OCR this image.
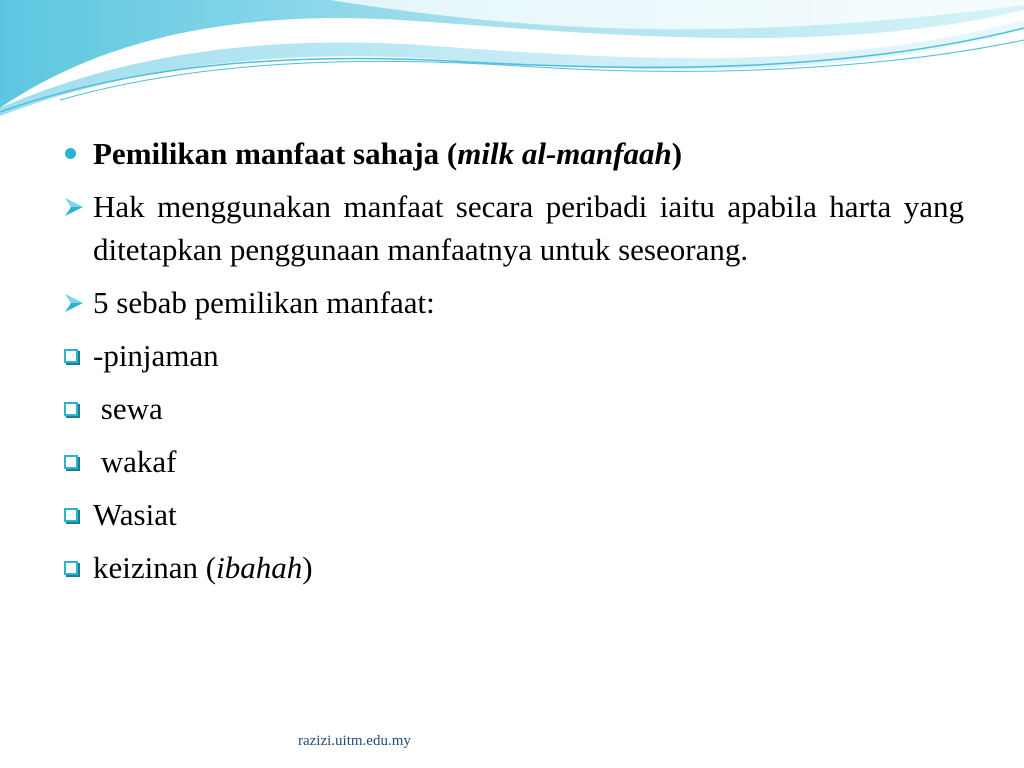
Pemilikan manfaat sahaja (milk al-manfaah)
Hak menggunakan manfaat secara peribadi iaitu apabila harta yang ditetapkan penggunaan manfaatnya untuk seseorang.
5 sebab pemilikan manfaat:
-pinjaman
sewa
wakaf
Wasiat
keizinan (ibahah)
razizi.uitm.edu.my
